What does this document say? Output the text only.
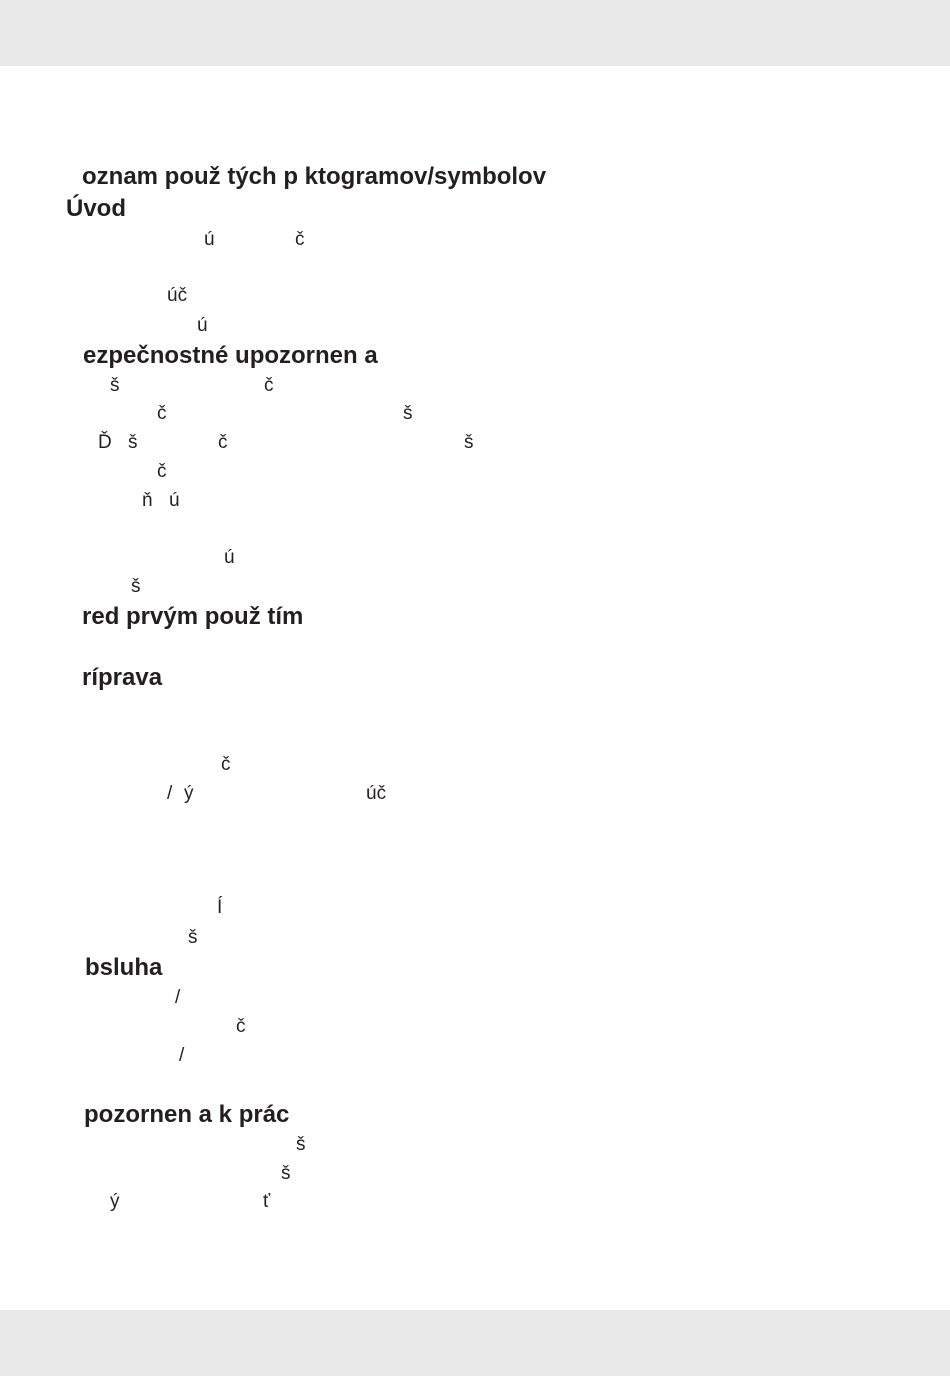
oznam použ tých p ktogramov/symbolov
Úvod
ú	č
úč
ú
ezpečnostné upozornen a
š	č
č	š
Ď š	č	š
č
ň ú
ú
š
red prvým použ tím
ríprava
č
/ ý	úč
Í
š
bsluha
/
č
/
pozornen a k prác
š
š
ý	ť
